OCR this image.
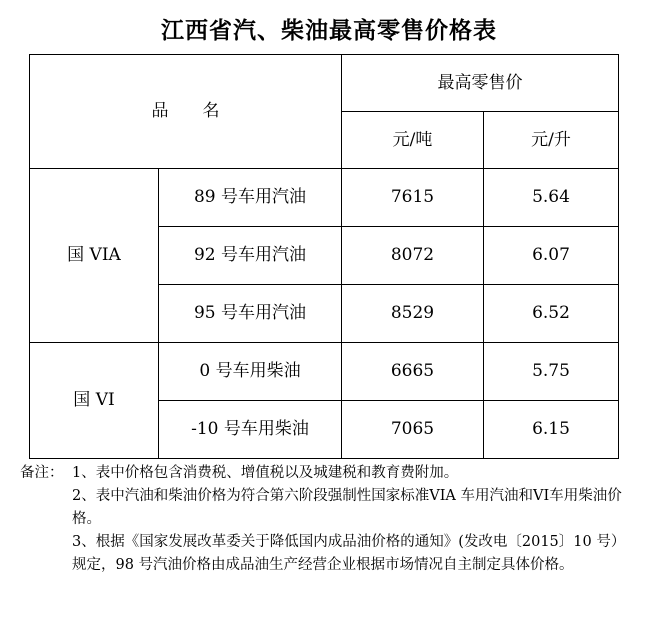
江西省汽、柴油最高零售价格表
品　　名		最高零售价	
		元/吨	元/升
国 VIA	89 号车用汽油	7615	5.64
	92 号车用汽油	8072	6.07
	95 号车用汽油	8529	6.52
国 VI	0 号车用柴油	6665	5.75
	-10 号车用柴油	7065	6.15
备注： 1、表中价格包含消费税、增值税以及城建税和教育费附加。
2、表中汽油和柴油价格为符合第六阶段强制性国家标准VIA 车用汽油和VI车用柴油价格。
3、根据《国家发展改革委关于降低国内成品油价格的通知》(发改电〔2015〕10 号）规定，98 号汽油价格由成品油生产经营企业根据市场情况自主制定具体价格。
